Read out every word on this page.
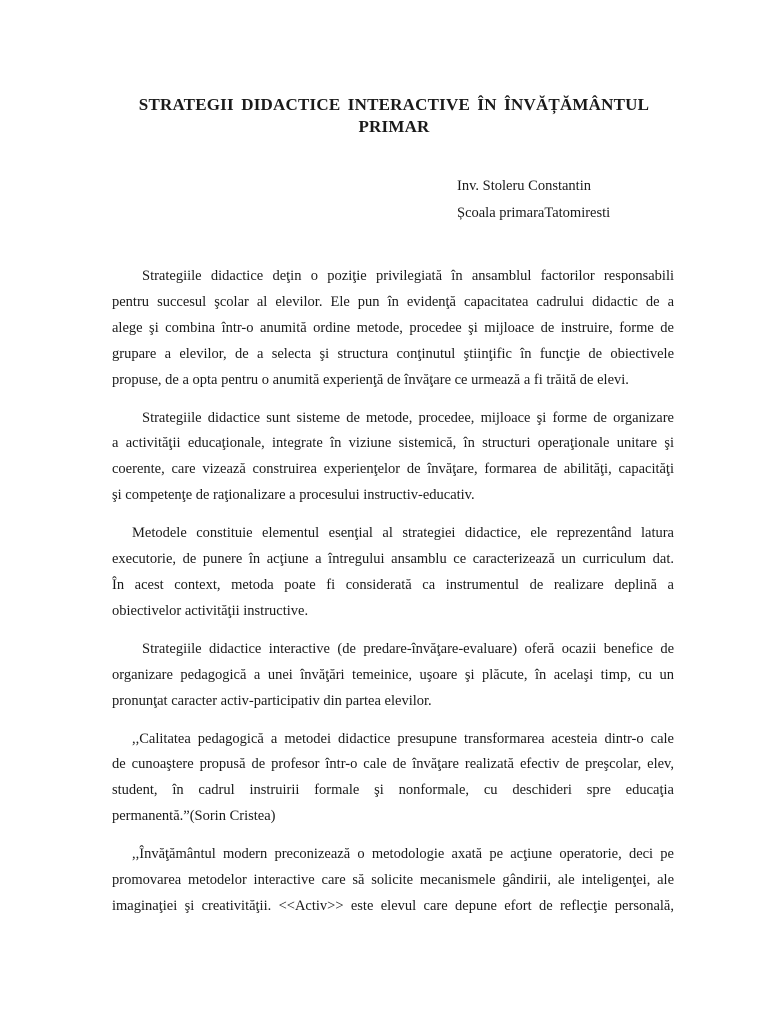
STRATEGII DIDACTICE INTERACTIVE ÎN ÎNVĂȚĂMÂNTUL
PRIMAR

Inv. Stoleru Constantin

Școala primaraTatomiresti

Strategiile didactice deţin o poziţie privilegiată în ansamblul factorilor responsabili
pentru succesul şcolar al elevilor. Ele pun în evidenţă capacitatea cadrului didactic de a
alege şi combina într-o anumită ordine metode, procedee şi mijloace de instruire, forme de
grupare a elevilor, de a selecta şi structura conţinutul ştiinţific în funcţie de obiectivele
propuse, de a opta pentru o anumită experienţă de învăţare ce urmează a fi trăită de elevi.
Strategiile didactice sunt sisteme de metode, procedee, mijloace şi forme de organizare
a activităţii educaţionale, integrate în viziune sistemică, în structuri operaţionale unitare şi
coerente, care vizează construirea experienţelor de învăţare, formarea de abilităţi, capacităţi
şi competenţe de raţionalizare a procesului instructiv-educativ.
Metodele constituie elementul esenţial al strategiei didactice, ele reprezentând latura
executorie, de punere în acţiune a întregului ansamblu ce caracterizează un curriculum dat.
În acest context, metoda poate fi considerată ca instrumentul de realizare deplină a
obiectivelor activităţii instructive.
Strategiile didactice interactive (de predare-învăţare-evaluare) oferă ocazii benefice de
organizare pedagogică a unei învăţări temeinice, uşoare şi plăcute, în acelaşi timp, cu un
pronunţat caracter activ-participativ din partea elevilor.
,,Calitatea pedagogică a metodei didactice presupune transformarea acesteia dintr-o cale
de cunoaştere propusă de profesor într-o cale de învăţare realizată efectiv de preşcolar, elev,
student, în cadrul instruirii formale şi nonformale, cu deschideri spre educaţia
permanentă.”(Sorin Cristea)
,,Învăţământul modern preconizează o metodologie axată pe acţiune operatorie, deci pe
promovarea metodelor interactive care să solicite mecanismele gândirii, ale inteligenţei, ale
imaginaţiei şi creativităţii. <<Activ>> este elevul care depune efort de reflecţie personală,
